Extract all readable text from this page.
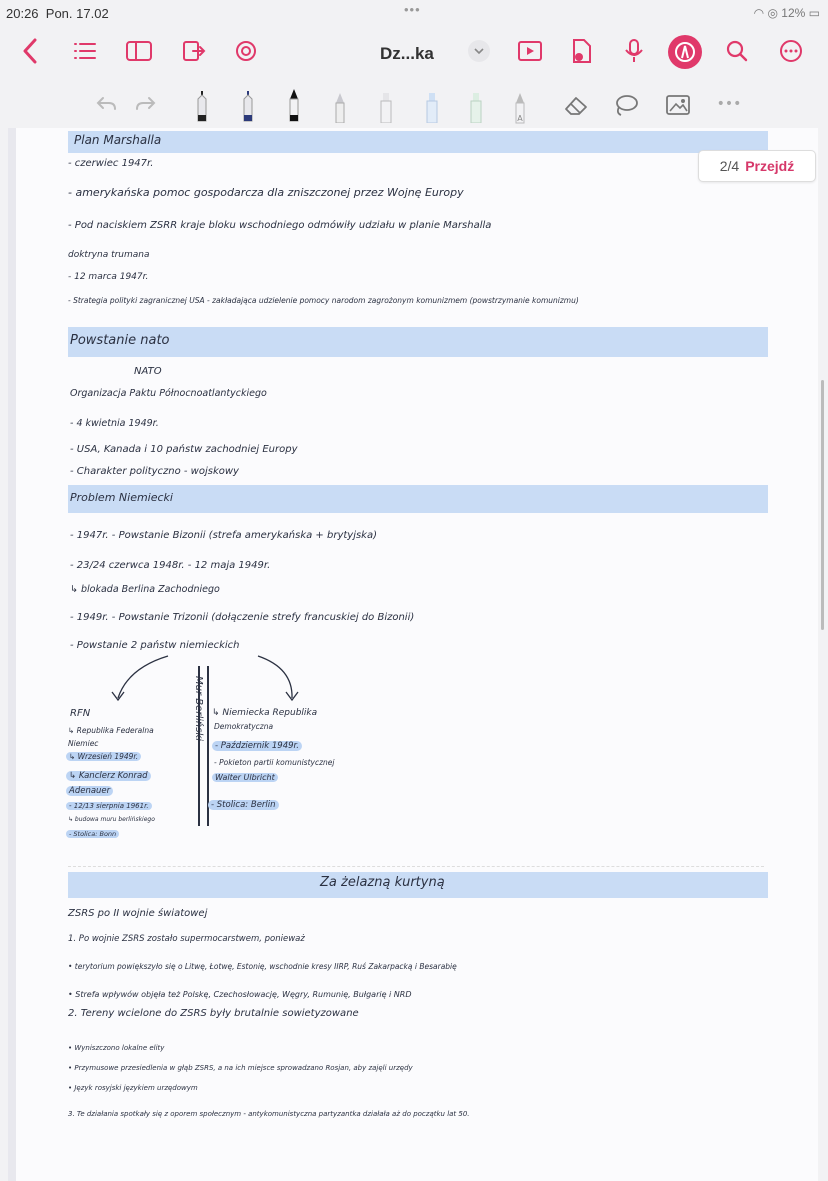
20:26 Pon. 17.02	•••	◠ ◎ 12% ▭
Dz...ka
A
•••
Plan Marshalla
- czerwiec 1947r.
- amerykańska pomoc gospodarcza dla zniszczonej przez Wojnę Europy
- Pod naciskiem ZSRR kraje bloku wschodniego odmówiły udziału w planie Marshalla
doktryna trumana
- 12 marca 1947r.
- Strategia polityki zagranicznej USA - zakładająca udzielenie pomocy narodom zagrożonym komunizmem (powstrzymanie komunizmu)
Powstanie nato
NATO
Organizacja Paktu Północnoatlantyckiego
- 4 kwietnia 1949r.
- USA, Kanada i 10 państw zachodniej Europy
- Charakter polityczno - wojskowy
Problem Niemiecki
- 1947r. - Powstanie Bizonii (strefa amerykańska + brytyjska)
- 23/24 czerwca 1948r. - 12 maja 1949r.
↳ blokada Berlina Zachodniego
- 1949r. - Powstanie Trizonii (dołączenie strefy francuskiej do Bizonii)
- Powstanie 2 państw niemieckich
RFN
↳ Republika Federalna
Niemiec
↳ Wrzesień 1949r.
↳ Kanclerz Konrad
Adenauer
- 12/13 sierpnia 1961r.
↳ budowa muru berlińskiego
- Stolica: Bonn
Mur Berliński ↳ Niemiecka Republika
Demokratyczna
- Październik 1949r.
- Pokieton partii komunistycznej
Walter Ulbricht
- Stolica: Berlin
Za żelazną kurtyną
ZSRS po II wojnie światowej
1. Po wojnie ZSRS zostało supermocarstwem, ponieważ
• terytorium powiększyło się o Litwę, Łotwę, Estonię, wschodnie kresy IIRP, Ruś Zakarpacką i Besarabię
• Strefa wpływów objęła też Polskę, Czechosłowację, Węgry, Rumunię, Bułgarię i NRD
2. Tereny wcielone do ZSRS były brutalnie sowietyzowane
• Wyniszczono lokalne elity
• Przymusowe przesiedlenia w głąb ZSRS, a na ich miejsce sprowadzano Rosjan, aby zajęli urzędy
• Język rosyjski językiem urzędowym
3. Te działania spotkały się z oporem społecznym - antykomunistyczna partyzantka działała aż do początku lat 50.
2/4 Przejdź
